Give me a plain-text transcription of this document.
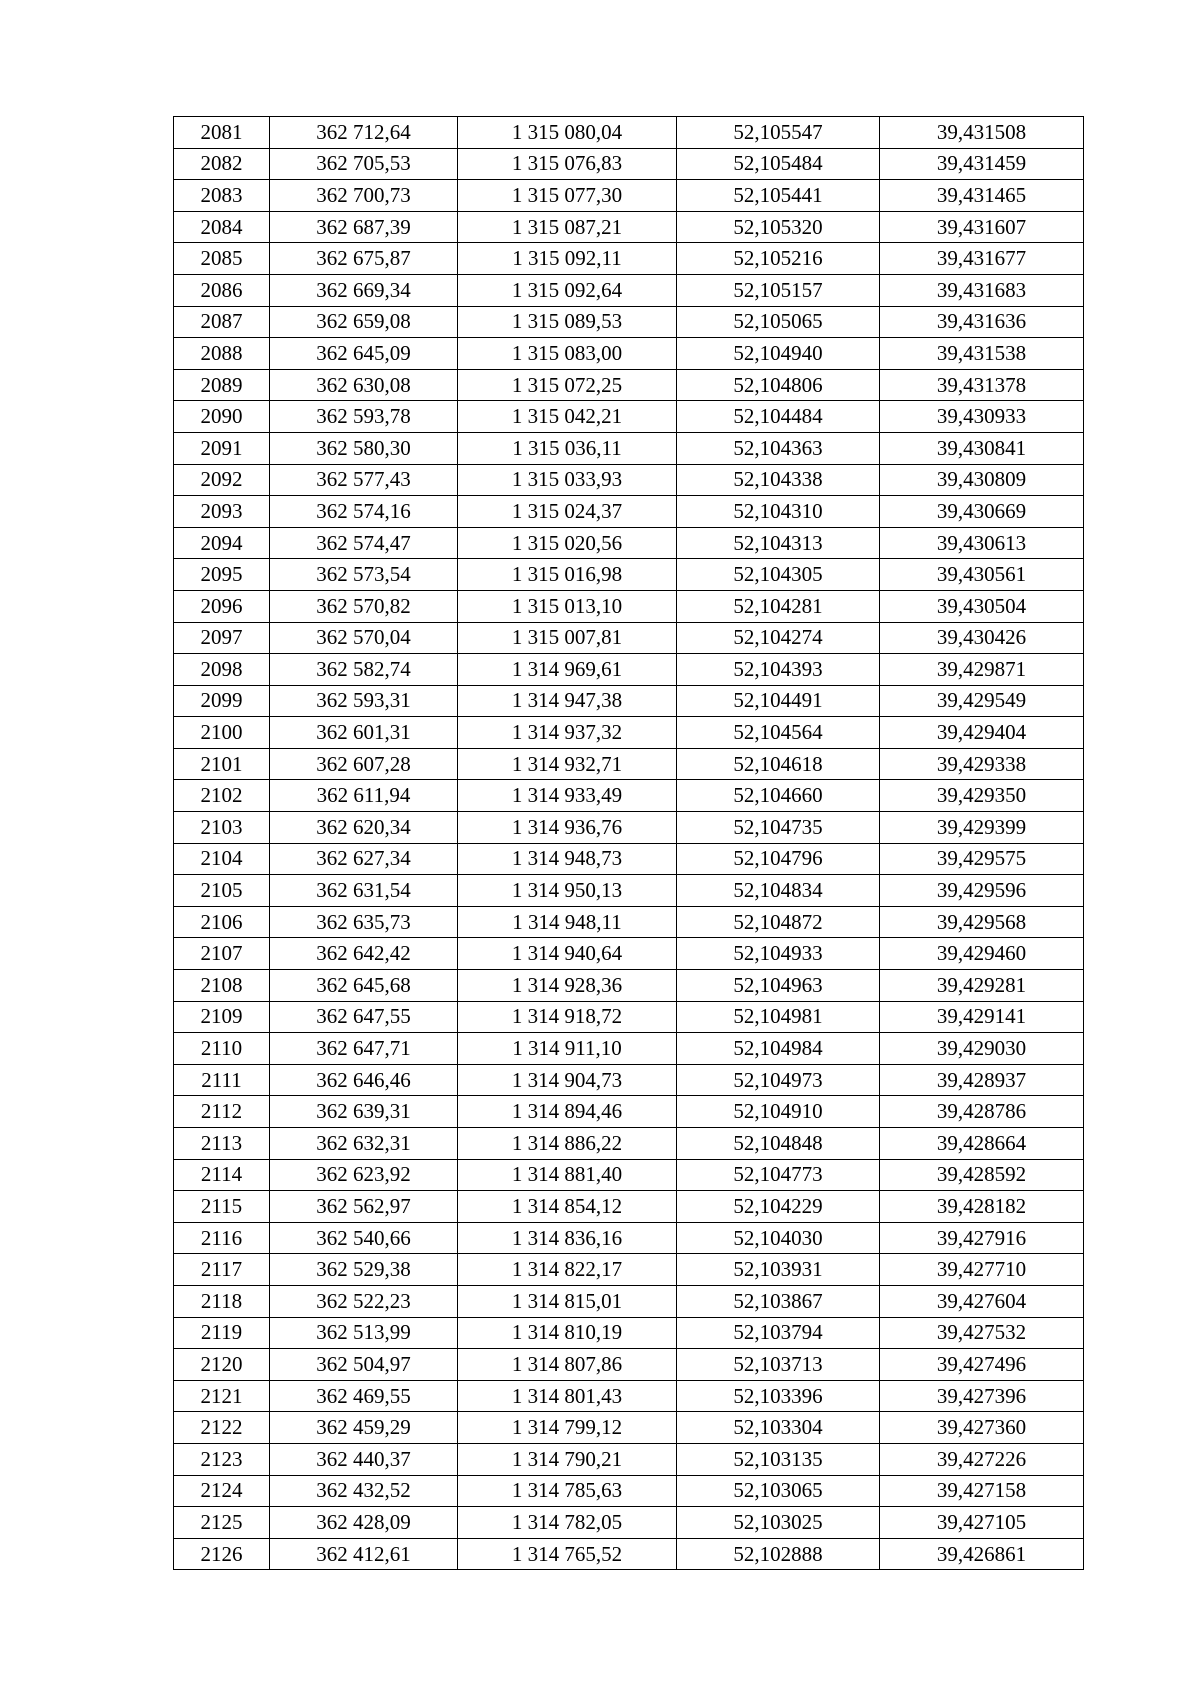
2081	362 712,64	1 315 080,04	52,105547	39,431508
2082	362 705,53	1 315 076,83	52,105484	39,431459
2083	362 700,73	1 315 077,30	52,105441	39,431465
2084	362 687,39	1 315 087,21	52,105320	39,431607
2085	362 675,87	1 315 092,11	52,105216	39,431677
2086	362 669,34	1 315 092,64	52,105157	39,431683
2087	362 659,08	1 315 089,53	52,105065	39,431636
2088	362 645,09	1 315 083,00	52,104940	39,431538
2089	362 630,08	1 315 072,25	52,104806	39,431378
2090	362 593,78	1 315 042,21	52,104484	39,430933
2091	362 580,30	1 315 036,11	52,104363	39,430841
2092	362 577,43	1 315 033,93	52,104338	39,430809
2093	362 574,16	1 315 024,37	52,104310	39,430669
2094	362 574,47	1 315 020,56	52,104313	39,430613
2095	362 573,54	1 315 016,98	52,104305	39,430561
2096	362 570,82	1 315 013,10	52,104281	39,430504
2097	362 570,04	1 315 007,81	52,104274	39,430426
2098	362 582,74	1 314 969,61	52,104393	39,429871
2099	362 593,31	1 314 947,38	52,104491	39,429549
2100	362 601,31	1 314 937,32	52,104564	39,429404
2101	362 607,28	1 314 932,71	52,104618	39,429338
2102	362 611,94	1 314 933,49	52,104660	39,429350
2103	362 620,34	1 314 936,76	52,104735	39,429399
2104	362 627,34	1 314 948,73	52,104796	39,429575
2105	362 631,54	1 314 950,13	52,104834	39,429596
2106	362 635,73	1 314 948,11	52,104872	39,429568
2107	362 642,42	1 314 940,64	52,104933	39,429460
2108	362 645,68	1 314 928,36	52,104963	39,429281
2109	362 647,55	1 314 918,72	52,104981	39,429141
2110	362 647,71	1 314 911,10	52,104984	39,429030
2111	362 646,46	1 314 904,73	52,104973	39,428937
2112	362 639,31	1 314 894,46	52,104910	39,428786
2113	362 632,31	1 314 886,22	52,104848	39,428664
2114	362 623,92	1 314 881,40	52,104773	39,428592
2115	362 562,97	1 314 854,12	52,104229	39,428182
2116	362 540,66	1 314 836,16	52,104030	39,427916
2117	362 529,38	1 314 822,17	52,103931	39,427710
2118	362 522,23	1 314 815,01	52,103867	39,427604
2119	362 513,99	1 314 810,19	52,103794	39,427532
2120	362 504,97	1 314 807,86	52,103713	39,427496
2121	362 469,55	1 314 801,43	52,103396	39,427396
2122	362 459,29	1 314 799,12	52,103304	39,427360
2123	362 440,37	1 314 790,21	52,103135	39,427226
2124	362 432,52	1 314 785,63	52,103065	39,427158
2125	362 428,09	1 314 782,05	52,103025	39,427105
2126	362 412,61	1 314 765,52	52,102888	39,426861
